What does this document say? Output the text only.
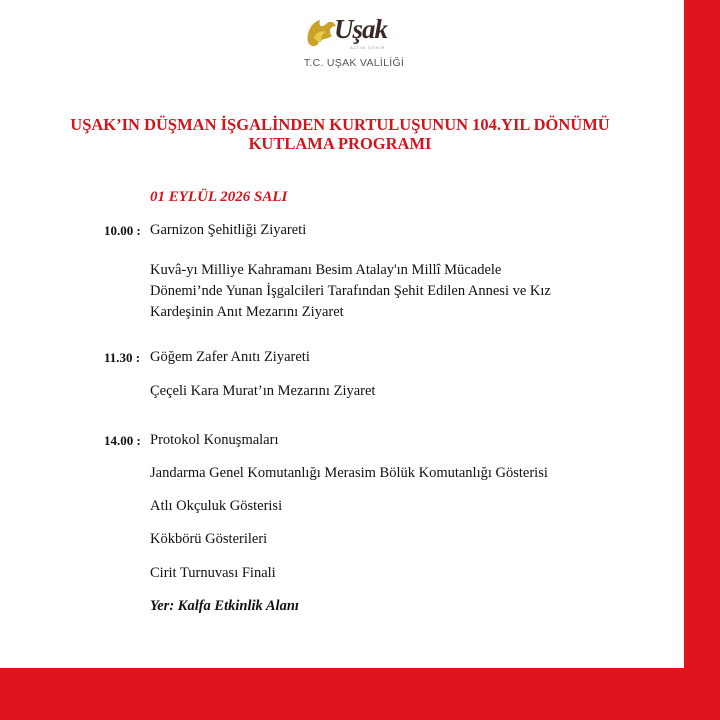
Uşak
ALTIN ŞEHİR
T.C. UŞAK VALİLİĞİ
UŞAK’IN DÜŞMAN İŞGALİNDEN KURTULUŞUNUN 104.YIL DÖNÜMÜ
KUTLAMA PROGRAMI
01 EYLÜL 2026 SALI
10.00 : Garnizon Şehitliği Ziyareti
Kuvâ-yı Milliye Kahramanı Besim Atalay'ın Millî Mücadele
Dönemi’nde Yunan İşgalcileri Tarafından Şehit Edilen Annesi ve Kız
Kardeşinin Anıt Mezarını Ziyaret
11.30 : Göğem Zafer Anıtı Ziyareti
Çeçeli Kara Murat’ın Mezarını Ziyaret
14.00 : Protokol Konuşmaları
Jandarma Genel Komutanlığı Merasim Bölük Komutanlığı Gösterisi
Atlı Okçuluk Gösterisi
Kökbörü Gösterileri
Cirit Turnuvası Finali
Yer: Kalfa Etkinlik Alanı
